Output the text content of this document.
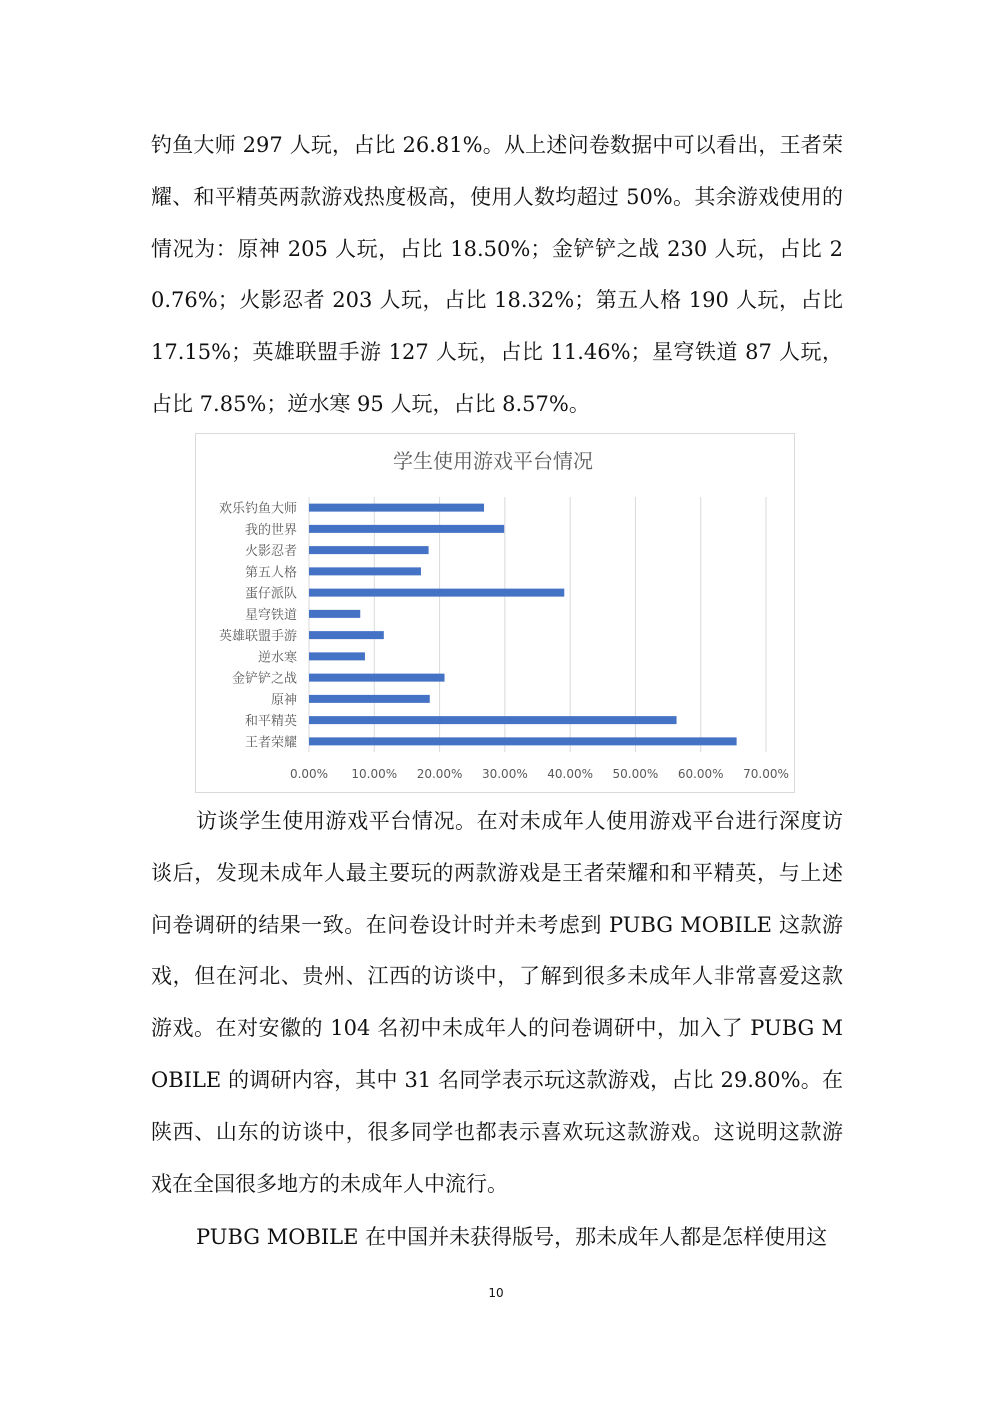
钓鱼大师 297 人玩，占比 26.81%。从上述问卷数据中可以看出，王者荣耀、和平精英两款游戏热度极高，使用人数均超过 50%。其余游戏使用的情况为：原神 205 人玩，占比 18.50%；金铲铲之战 230 人玩，占比 20.76%；火影忍者 203 人玩，占比 18.32%；第五人格 190 人玩，占比 17.15%；英雄联盟手游 127 人玩，占比 11.46%；星穹铁道 87 人玩，占比 7.85%；逆水寒 95 人玩，占比 8.57%。

学生使用游戏平台情况
0.00% 10.00% 20.00% 30.00% 40.00% 50.00% 60.00% 70.00%
欢乐钓鱼大师
我的世界
火影忍者
第五人格
蛋仔派队
星穹铁道
英雄联盟手游
逆水寒
金铲铲之战
原神
和平精英
王者荣耀

访谈学生使用游戏平台情况。在对未成年人使用游戏平台进行深度访谈后，发现未成年人最主要玩的两款游戏是王者荣耀和和平精英，与上述问卷调研的结果一致。在问卷设计时并未考虑到 PUBG MOBILE 这款游戏，但在河北、贵州、江西的访谈中，了解到很多未成年人非常喜爱这款游戏。在对安徽的 104 名初中未成年人的问卷调研中，加入了 PUBG MOBILE 的调研内容，其中 31 名同学表示玩这款游戏，占比 29.80%。在陕西、山东的访谈中，很多同学也都表示喜欢玩这款游戏。这说明这款游戏在全国很多地方的未成年人中流行。

PUBG MOBILE 在中国并未获得版号，那未成年人都是怎样使用这

10
